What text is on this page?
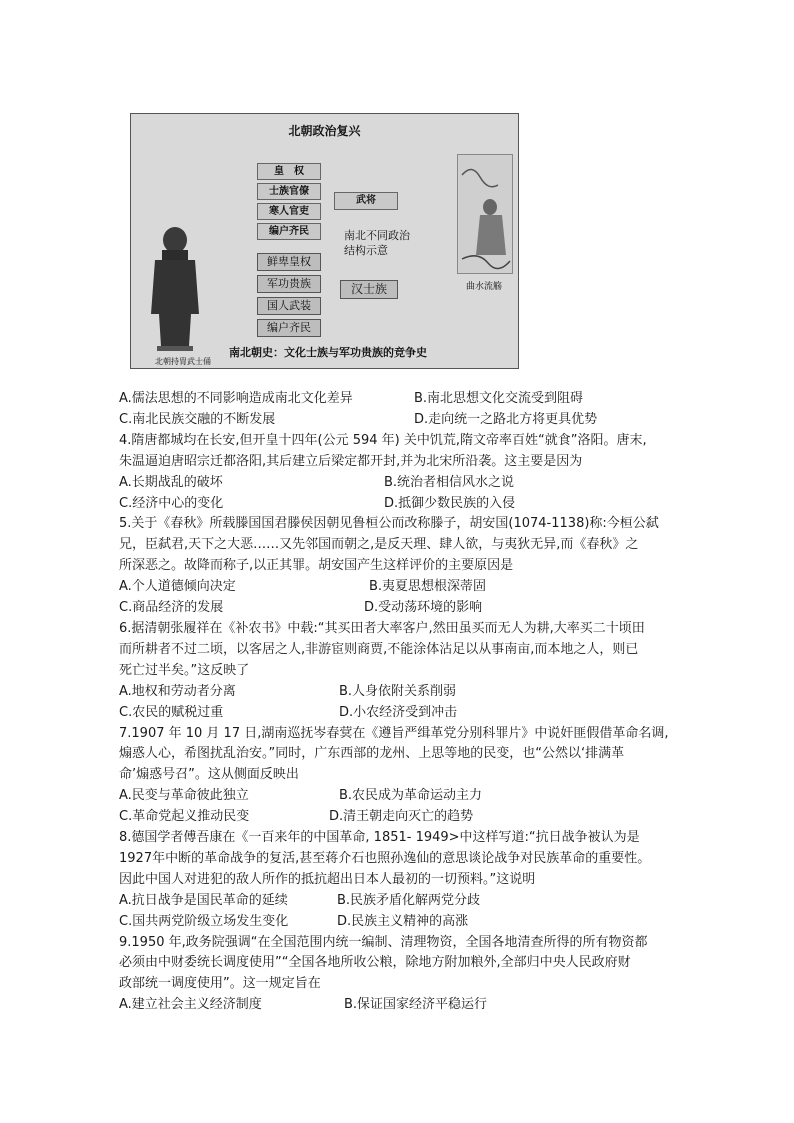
北朝政治复兴
北朝持胄武士俑
皇　权
士族官僚
寒人官吏
编户齐民
鲜卑皇权
军功贵族
国人武装
编户齐民
武将
南北不同政治
结构示意
汉士族	曲水流觞
南北朝史：文化士族与军功贵族的竞争史
A.儒法思想的不同影响造成南北文化差异	B.南北思想文化交流受到阻碍
C.南北民族交融的不断发展	D.走向统一之路北方将更具优势

4.隋唐都城均在长安,但开皇十四年(公元 594 年) 关中饥荒,隋文帝率百姓“就食”洛阳。唐末,

朱温逼迫唐昭宗迁都洛阳,其后建立后梁定都开封,并为北宋所沿袭。这主要是因为

A.长期战乱的破坏	B.统治者相信风水之说
C.经济中心的变化	D.抵御少数民族的入侵

5.关于《春秋》所载滕国国君滕侯因朝见鲁桓公而改称滕子，胡安国(1074-1138)称:今桓公弑

兄，臣弑君,天下之大恶……又先邻国而朝之,是反天理、肆人欲，与夷狄无异,而《春秋》之

所深恶之。故降而称子,以正其罪。胡安国产生这样评价的主要原因是

A.个人道德倾向决定	B.夷夏思想根深蒂固
C.商品经济的发展	D.受动荡环境的影响

6.据清朝张履祥在《补农书》中载:“其买田者大率客户,然田虽买而无人为耕,大率买二十顷田

而所耕者不过二顷，以客居之人,非游宦则商贾,不能涂体沾足以从事南亩,而本地之人，则已

死亡过半矣。”这反映了

A.地权和劳动者分离	B.人身依附关系削弱
C.农民的赋税过重	D.小农经济受到冲击

7.1907 年 10 月 17 日,湖南巡抚岑春蓂在《遵旨严缉革党分别科罪片》中说奸匪假借革命名调,

煽惑人心，希图扰乱治安。”同时，广东西部的龙州、上思等地的民变，也“公然以‘排满革

命’煽惑号召”。这从侧面反映出

A.民变与革命彼此独立	B.农民成为革命运动主力
C.革命党起义推动民变	D.清王朝走向灭亡的趋势

8.德国学者傅吾康在《一百来年的中国革命, 1851- 1949>中这样写道:“抗日战争被认为是

1927年中断的革命战争的复活,甚至蒋介石也照孙逸仙的意思谈论战争对民族革命的重要性。

因此中国人对进犯的敌人所作的抵抗超出日本人最初的一切预料。”这说明

A.抗日战争是国民革命的延续	B.民族矛盾化解两党分歧
C.国共两党阶级立场发生变化	D.民族主义精神的高涨

9.1950 年,政务院强调“在全国范围内统一编制、清理物资，全国各地清查所得的所有物资都

必须由中财委统长调度使用”“全国各地所收公粮，除地方附加粮外,全部归中央人民政府财

政部统一调度使用”。这一规定旨在

A.建立社会主义经济制度	B.保证国家经济平稳运行
